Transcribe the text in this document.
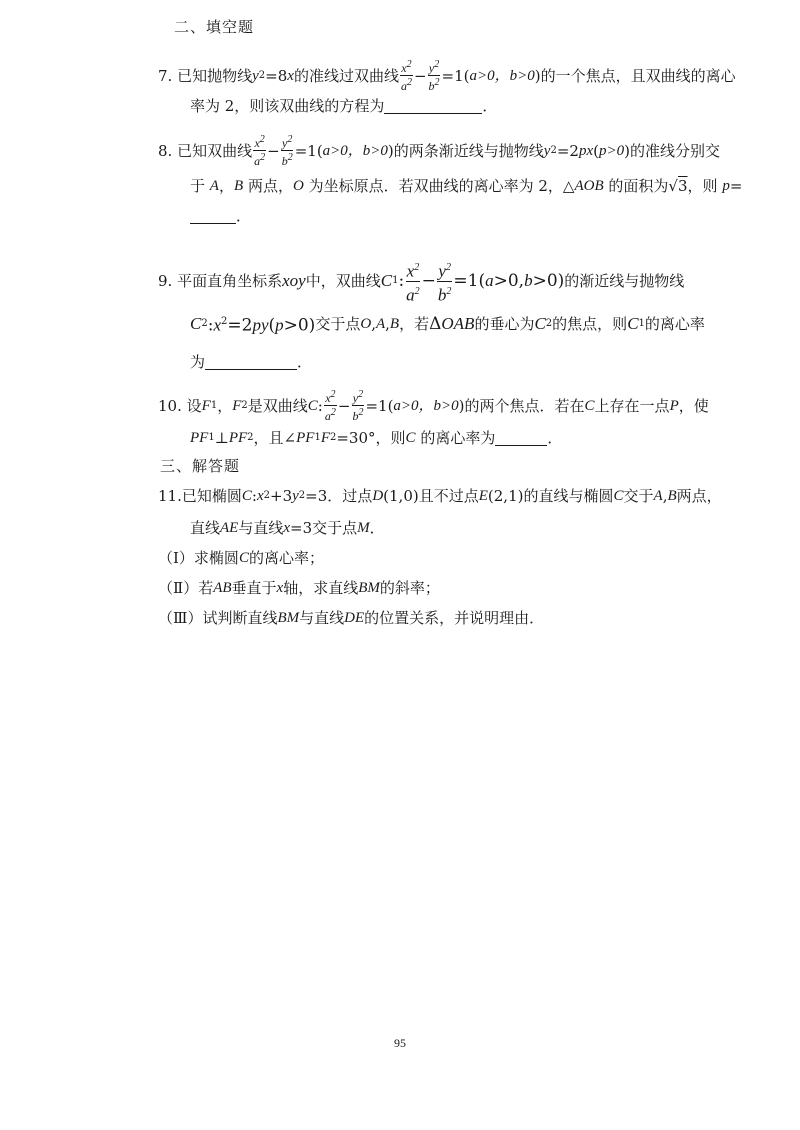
二、填空题
7.
已知抛物线 y 2 =8 x 的准线过双曲线 $\frac{x^2}{a^2} - \frac{y^2}{b^2} =1$ ( a>0，b>0 )的一个焦点，且双曲线的离心
率为 2，则该双曲线的方程为	．
8.
已知双曲线 $\frac{x^2}{a^2} - \frac{y^2}{b^2} =1$ ( a>0，b>0 )的两条渐近线与抛物线 y 2 =2 px ( p>0 )的准线分别交
于
A ， B
两点， O
为坐标原点．若双曲线的离心率为 2， △ AOB
的面积为 √ 3 ，则
p =
．
9.
平面直角坐标系 xoy 中，双曲线 C 1 : $\frac{x^2}{a^2} - \frac{y^2}{b^2} =1(a>0,b>0)$ 的渐近线与抛物线
C 2 $:x^2=2py(p>0)$ 交于点 O , A , B ，若 ΔOAB 的垂心为 C 2 的焦点，则 C 1 的离心率
为	．
10.
设 F 1 ， F 2 是双曲线 C : $\frac{x^2}{a^2} - \frac{y^2}{b^2} =1$ ( a>0，b>0 )的两个焦点．若在 C 上存在一点 P ，使
PF 1 ⊥ PF 2 ，且 ∠ PF 1 F 2 =30° ，则 C
的离心率为	．
三、解答题
11. 已知椭圆 C : x 2 +3 y 2 =3 ．过点 D (1,0) 且不过点 E (2,1) 的直线与椭圆 C 交于 A , B 两点，
直线 AE 与直线 x =3 交于点 M ．
（Ⅰ）求椭圆 C 的离心率；
（Ⅱ）若 AB 垂直于 x 轴，求直线 BM 的斜率；
（Ⅲ）试判断直线 BM 与直线 DE 的位置关系，并说明理由．
95
